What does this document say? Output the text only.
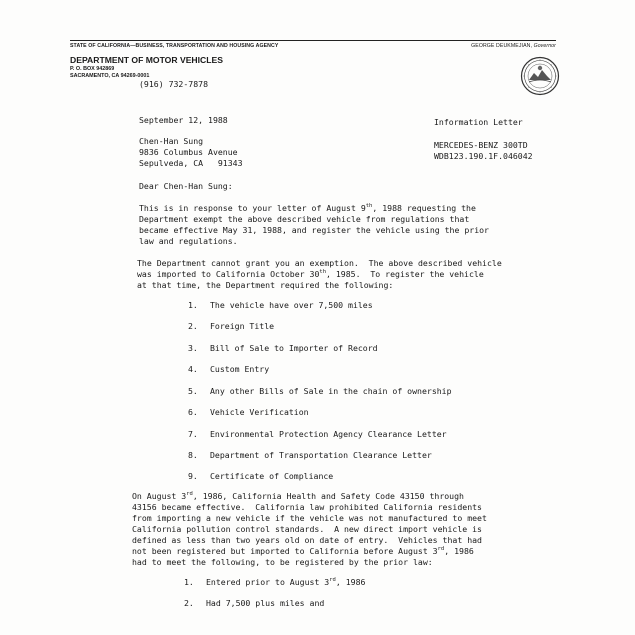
STATE OF CALIFORNIA—BUSINESS, TRANSPORTATION AND HOUSING AGENCY	GEORGE DEUKMEJIAN, Governor
DEPARTMENT OF MOTOR VEHICLES
P. O. BOX 942869
SACRAMENTO, CA 94269-0001
(916) 732-7878
September 12, 1988	Information Letter
MERCEDES-BENZ 300TD
WDB123.190.1F.046042
Chen-Han Sung
9836 Columbus Avenue
Sepulveda, CA   91343
Dear Chen-Han Sung:
This is in response to your letter of August 9th, 1988 requesting the
Department exempt the above described vehicle from regulations that
became effective May 31, 1988, and register the vehicle using the prior
law and regulations.
The Department cannot grant you an exemption.  The above described vehicle
was imported to California October 30th, 1985.  To register the vehicle
at that time, the Department required the following:
1. The vehicle have over 7,500 miles
2. Foreign Title
3. Bill of Sale to Importer of Record
4. Custom Entry
5. Any other Bills of Sale in the chain of ownership
6. Vehicle Verification
7. Environmental Protection Agency Clearance Letter
8. Department of Transportation Clearance Letter
9. Certificate of Compliance
On August 3rd, 1986, California Health and Safety Code 43150 through
43156 became effective.  California law prohibited California residents
from importing a new vehicle if the vehicle was not manufactured to meet
California pollution control standards.  A new direct import vehicle is
defined as less than two years old on date of entry.  Vehicles that had
not been registered but imported to California before August 3rd, 1986
had to meet the following, to be registered by the prior law:
1. Entered prior to August 3rd, 1986
2. Had 7,500 plus miles and
